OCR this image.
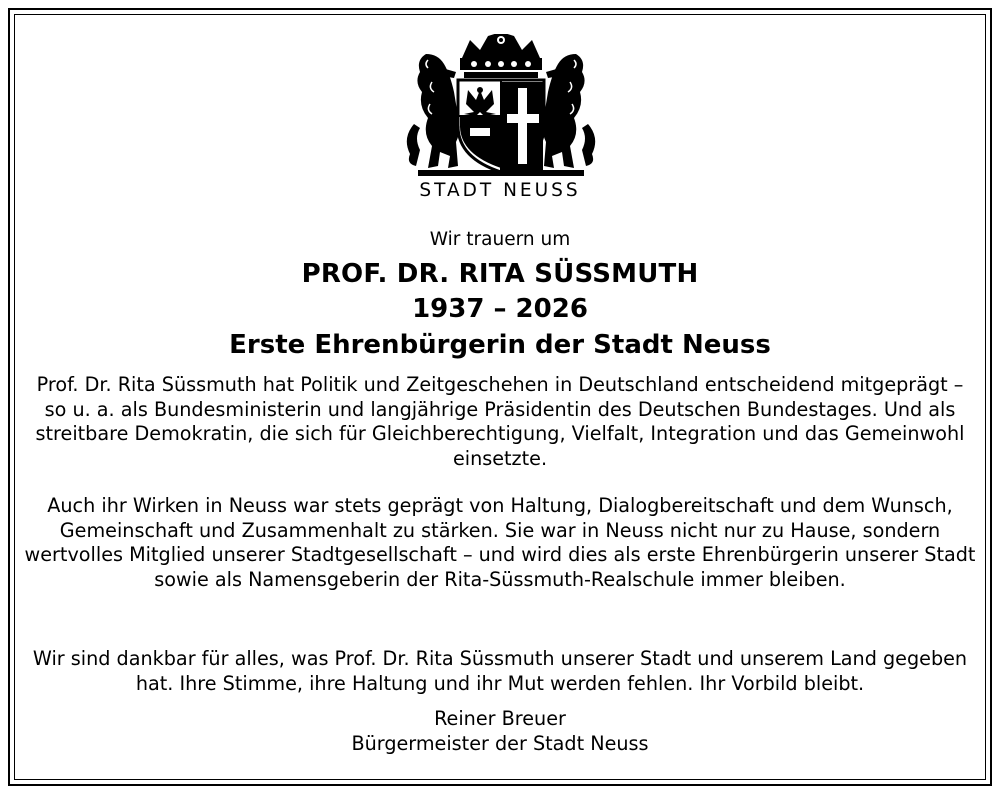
STADT NEUSS
Wir trauern um
PROF. DR. RITA SÜSSMUTH
1937 – 2026
Erste Ehrenbürgerin der Stadt Neuss
Prof. Dr. Rita Süssmuth hat Politik und Zeitgeschehen in Deutschland entscheidend mitgeprägt – so u. a. als Bundesministerin und langjährige Präsidentin des Deutschen Bundestages. Und als streitbare Demokratin, die sich für Gleichberechtigung, Vielfalt, Integration und das Gemeinwohl einsetzte.
Auch ihr Wirken in Neuss war stets geprägt von Haltung, Dialogbereitschaft und dem Wunsch, Gemeinschaft und Zusammenhalt zu stärken. Sie war in Neuss nicht nur zu Hause, sondern wertvolles Mitglied unserer Stadtgesellschaft – und wird dies als erste Ehrenbürgerin unserer Stadt sowie als Namensgeberin der Rita-Süssmuth-Realschule immer bleiben.
Wir sind dankbar für alles, was Prof. Dr. Rita Süssmuth unserer Stadt und unserem Land gegeben hat. Ihre Stimme, ihre Haltung und ihr Mut werden fehlen. Ihr Vorbild bleibt.
Reiner Breuer
Bürgermeister der Stadt Neuss
